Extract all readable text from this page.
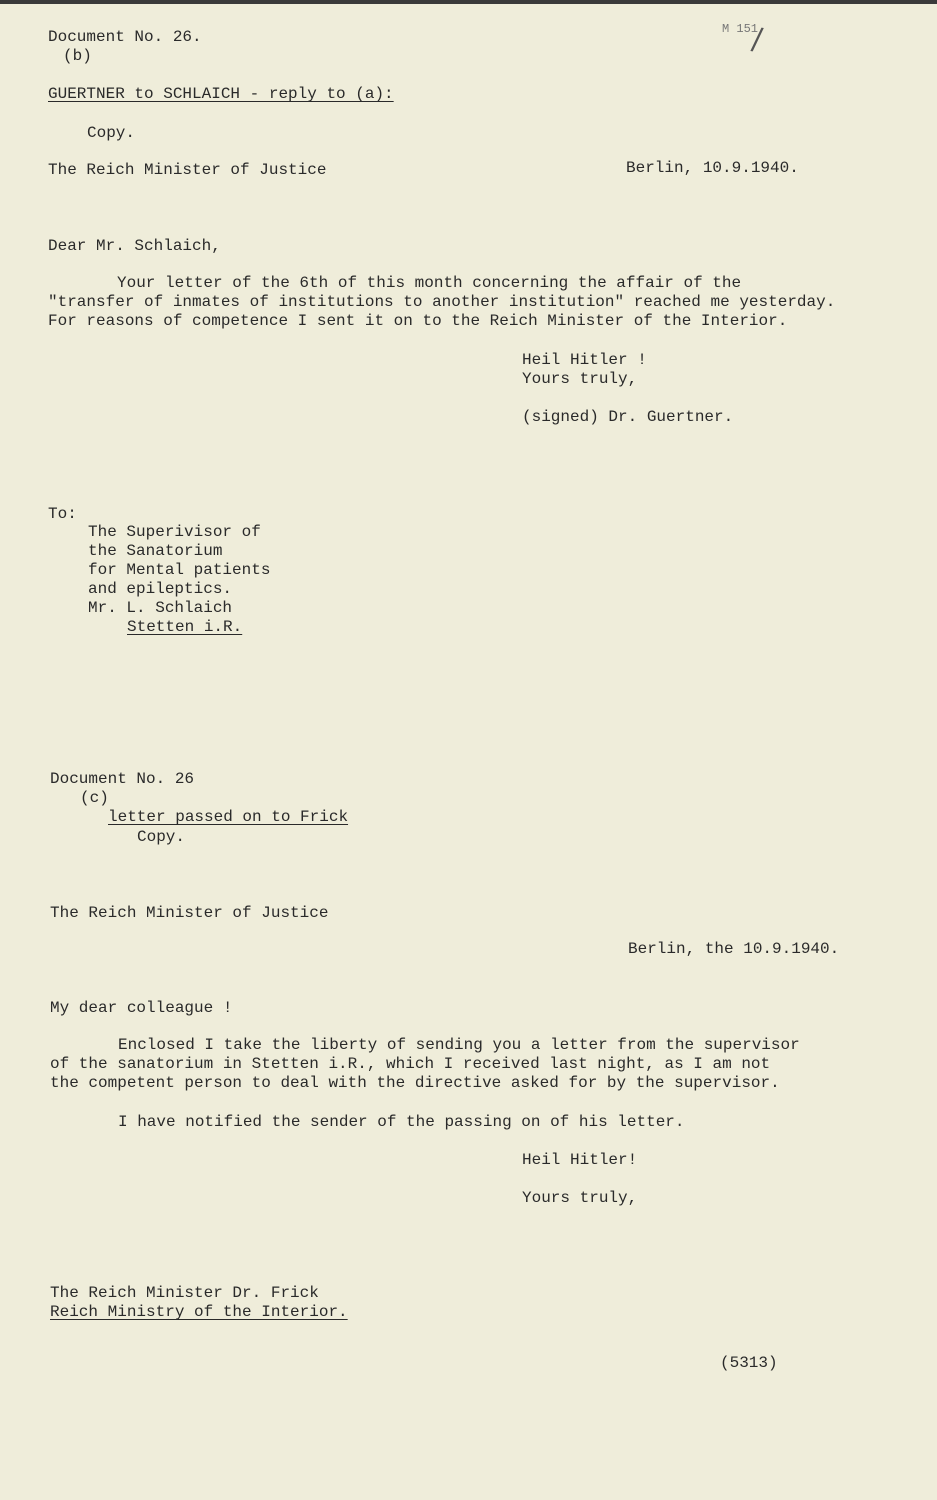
M 151
/
Document No. 26.
(b)
GUERTNER to SCHLAICH - reply to (a):
Copy.
The Reich Minister of Justice	Berlin, 10.9.1940.
Dear Mr. Schlaich,
Your letter of the 6th of this month concerning the affair of the
"transfer of inmates of institutions to another institution" reached me yesterday.
For reasons of competence I sent it on to the Reich Minister of the Interior.
Heil Hitler !
Yours truly,
(signed) Dr. Guertner.
To:
The Superivisor of
the Sanatorium
for Mental patients
and epileptics.
Mr. L. Schlaich
Stetten i.R.
Document No. 26
(c)
letter passed on to Frick
Copy.
The Reich Minister of Justice
Berlin, the 10.9.1940.
My dear colleague !
Enclosed I take the liberty of sending you a letter from the supervisor
of the sanatorium in Stetten i.R., which I received last night, as I am not
the competent person to deal with the directive asked for by the supervisor.
I have notified the sender of the passing on of his letter.
Heil Hitler!
Yours truly,
The Reich Minister Dr. Frick
Reich Ministry of the Interior.
(5313)
